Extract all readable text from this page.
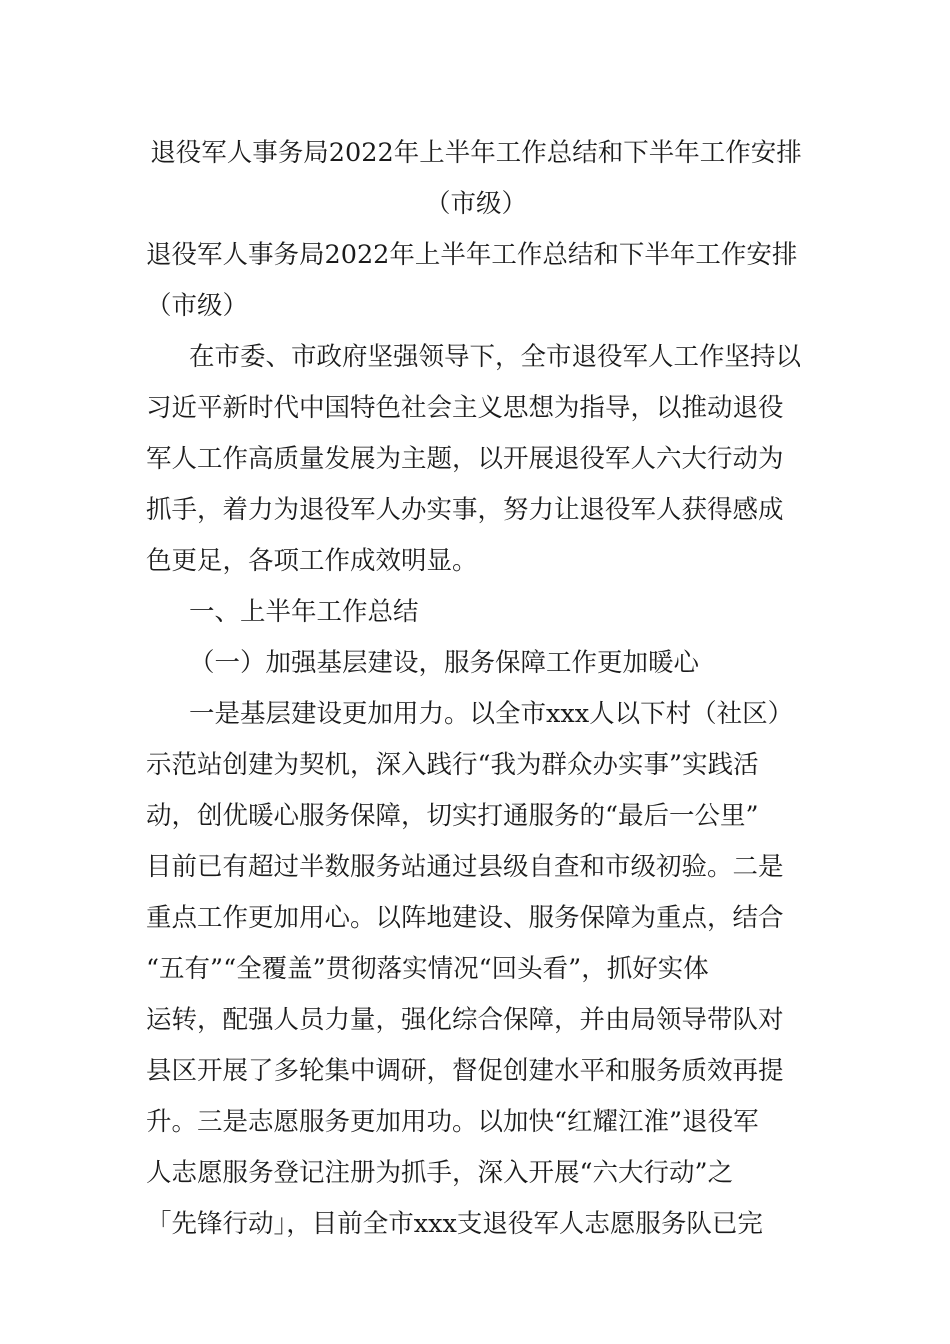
退役军人事务局2022年上半年工作总结和下半年工作安排
（市级）
退役军人事务局2022年上半年工作总结和下半年工作安排
（市级）
在市委、市政府坚强领导下，全市退役军人工作坚持以
习近平新时代中国特色社会主义思想为指导，以推动退役
军人工作高质量发展为主题，以开展退役军人六大行动为
抓手，着力为退役军人办实事，努力让退役军人获得感成
色更足，各项工作成效明显。
一、上半年工作总结
（一）加强基层建设，服务保障工作更加暖心
一是基层建设更加用力。以全市xxx人以下村（社区）
示范站创建为契机，深入践行“我为群众办实事”实践活
动，创优暖心服务保障，切实打通服务的“最后一公里”
目前已有超过半数服务站通过县级自查和市级初验。二是
重点工作更加用心。以阵地建设、服务保障为重点，结合
“五有”“全覆盖”贯彻落实情况“回头看”，抓好实体
运转，配强人员力量，强化综合保障，并由局领导带队对
县区开展了多轮集中调研，督促创建水平和服务质效再提
升。三是志愿服务更加用功。以加快“红耀江淮”退役军
人志愿服务登记注册为抓手，深入开展“六大行动”之
「先锋行动」，目前全市xxx支退役军人志愿服务队已完
